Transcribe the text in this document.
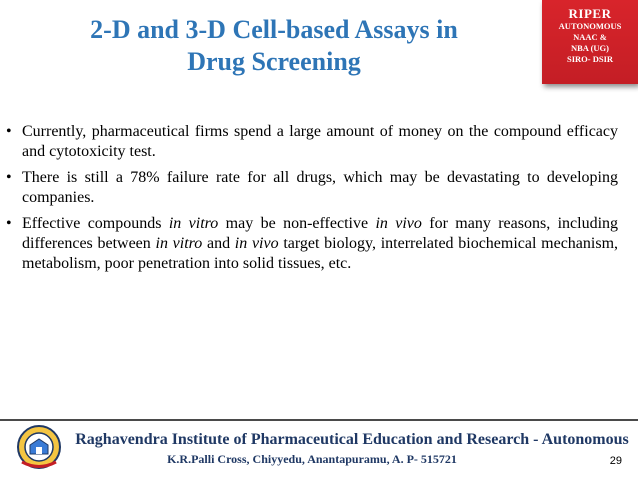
2-D and 3-D Cell-based Assays in
Drug Screening
RIPER
AUTONOMOUS
NAAC &
NBA (UG)
SIRO- DSIR
• Currently, pharmaceutical firms spend a large amount of money on the compound efficacy and cytotoxicity test.
• There is still a 78% failure rate for all drugs, which may be devastating to developing companies.
• Effective compounds in vitro may be non-effective in vivo for many reasons, including differences between in vitro and in vivo target biology, interrelated biochemical mechanism, metabolism, poor penetration into solid tissues, etc.
Raghavendra Institute of Pharmaceutical Education and Research - Autonomous
K.R.Palli Cross, Chiyyedu, Anantapuramu, A. P- 515721	29
